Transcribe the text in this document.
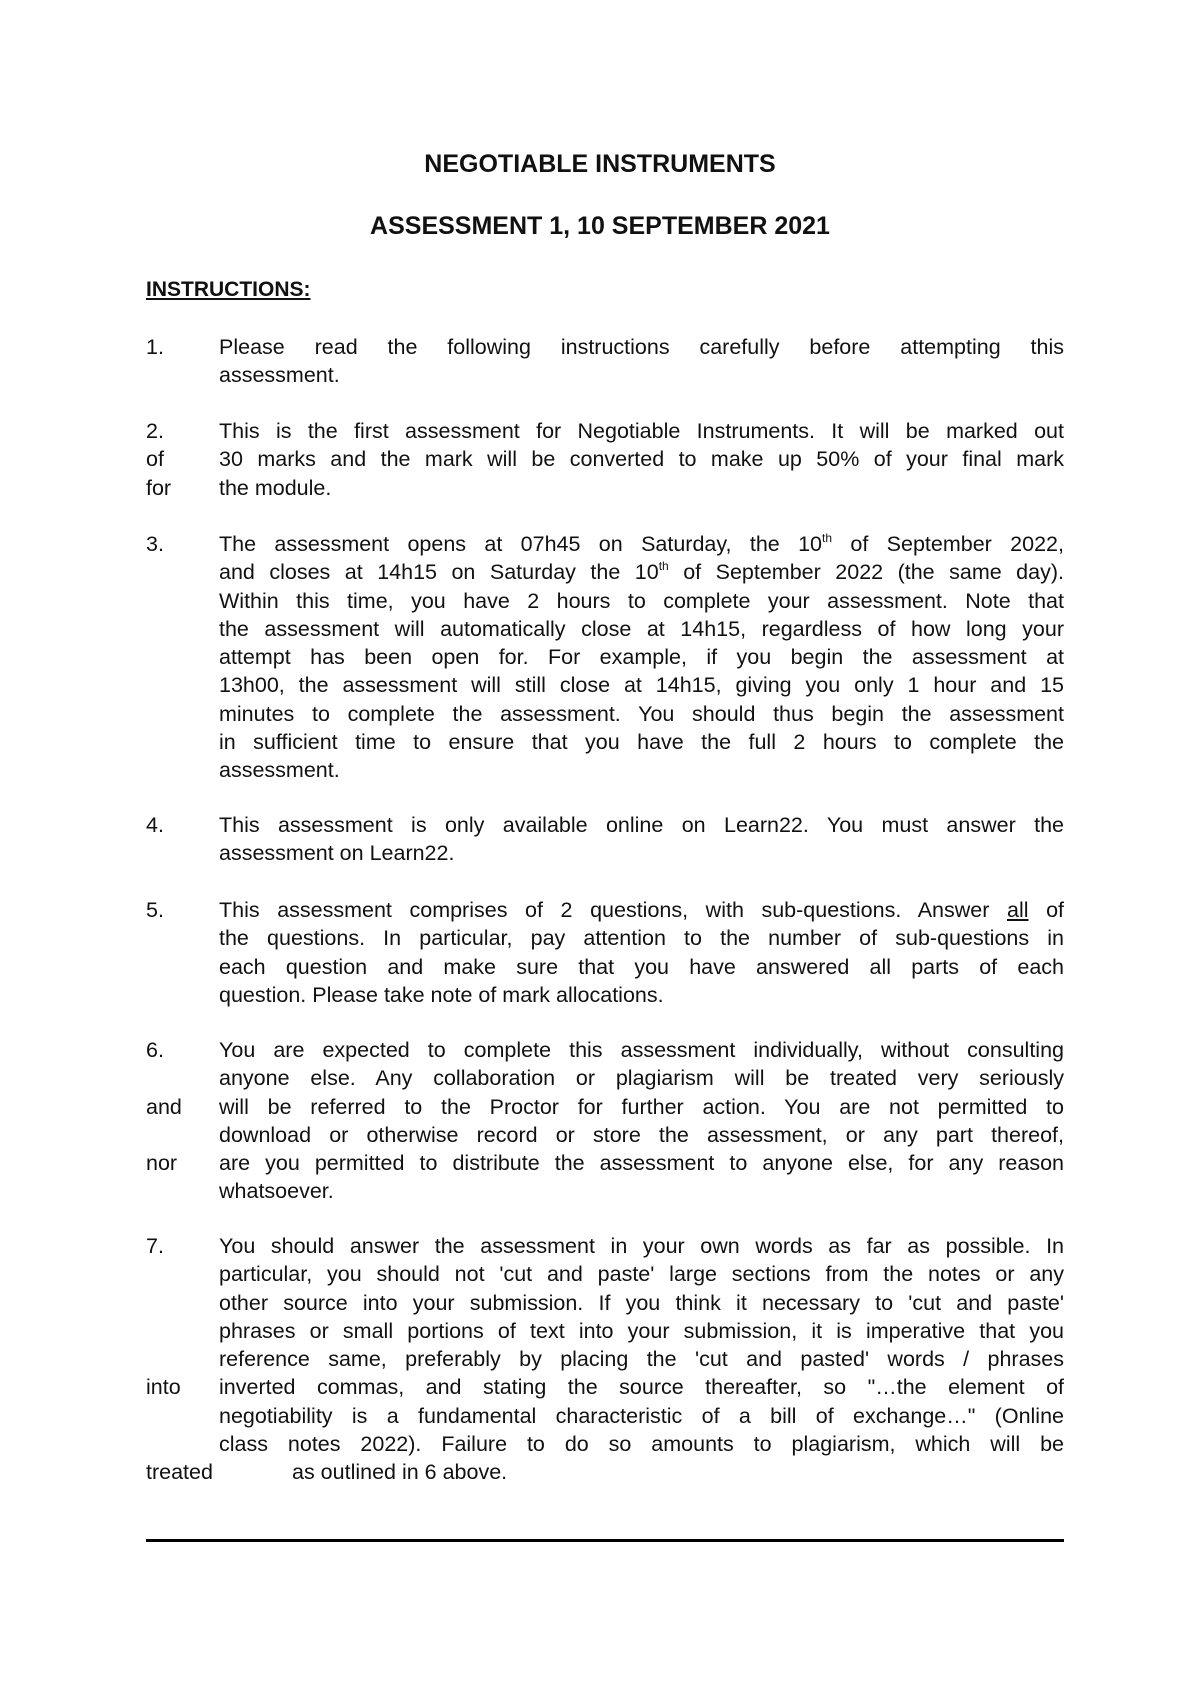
NEGOTIABLE INSTRUMENTS
ASSESSMENT 1, 10 SEPTEMBER 2021

INSTRUCTIONS:

1.	Please read the following instructions carefully before attempting this
assessment.
2.	This is the first assessment for Negotiable Instruments. It will be marked out
of	30 marks and the mark will be converted to make up 50% of your final mark
for the module.
3.	The assessment opens at 07h45 on Saturday, the 10th of September 2022,
and closes at 14h15 on Saturday the 10th of September 2022 (the same day).
Within this time, you have 2 hours to complete your assessment. Note that
the assessment will automatically close at 14h15, regardless of how long your
attempt has been open for. For example, if you begin the assessment at
13h00, the assessment will still close at 14h15, giving you only 1 hour and 15
minutes to complete the assessment. You should thus begin the assessment
in sufficient time to ensure that you have the full 2 hours to complete the
assessment.
4.	This assessment is only available online on Learn22. You must answer the
assessment on Learn22.
5.	This assessment comprises of 2 questions, with sub-questions. Answer all of
the questions. In particular, pay attention to the number of sub-questions in
each question and make sure that you have answered all parts of each
question. Please take note of mark allocations.
6.	You are expected to complete this assessment individually, without consulting
anyone else. Any collaboration or plagiarism will be treated very seriously
and will be referred to the Proctor for further action. You are not permitted to
download or otherwise record or store the assessment, or any part thereof,
nor are you permitted to distribute the assessment to anyone else, for any reason
whatsoever.
7.	You should answer the assessment in your own words as far as possible. In
particular, you should not 'cut and paste' large sections from the notes or any
other source into your submission. If you think it necessary to 'cut and paste'
phrases or small portions of text into your submission, it is imperative that you
reference same, preferably by placing the 'cut and pasted' words / phrases
into inverted commas, and stating the source thereafter, so "…the element of
negotiability is a fundamental characteristic of a bill of exchange…" (Online
class notes 2022). Failure to do so amounts to plagiarism, which will be
treated	as outlined in 6 above.
